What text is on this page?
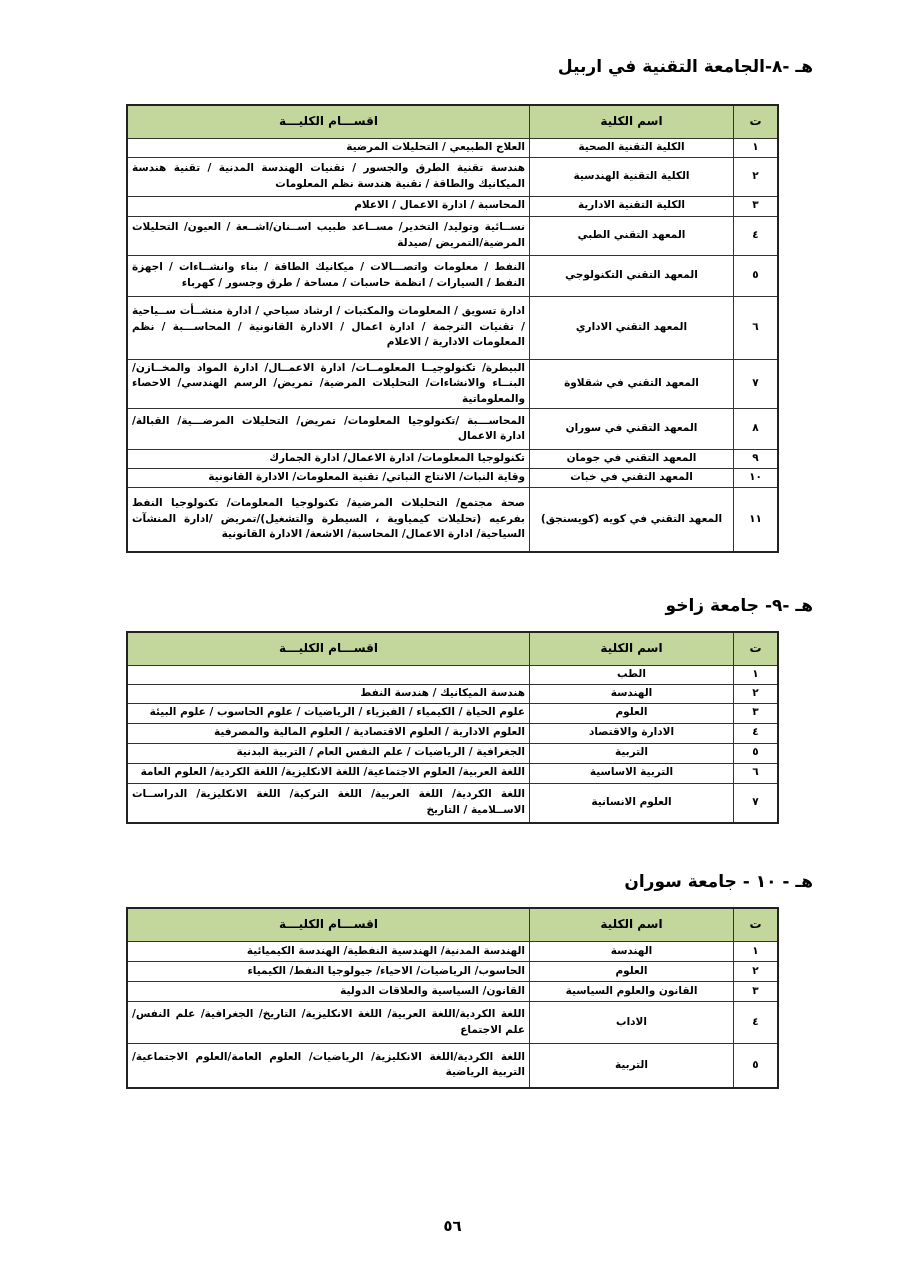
هـ -٨-الجامعة التقنية في اربيل
ت	اسم الكلية	اقســـام الكليـــة
١	الكلية التقنية الصحية	العلاج الطبيعي / التحليلات المرضية
٢	الكلية التقنية الهندسية	هندسة تقنية الطرق والجسور / تقنيات الهندسة المدنية / تقنية هندسة الميكانيك والطاقة / تقنية هندسة نظم المعلومات
٣	الكلية التقنية الادارية	المحاسبة / ادارة الاعمال / الاعلام
٤	المعهد التقني الطبي	نســائية وتوليد/ التخدير/ مســاعد طبيب اســنان/اشــعة / العيون/ التحليلات المرضية/التمريض /صيدلة
٥	المعهد التقني التكنولوجي	النفط / معلومات واتصـــالات / ميكانيك الطاقة / بناء وانشــاءات / اجهزة النفط / السيارات / انظمة حاسبات / مساحة / طرق وجسور / كهرباء
٦	المعهد التقني الاداري	ادارة تسويق / المعلومات والمكتبات / ارشاد سياحي / ادارة منشــأت ســياحية / تقنيات الترجمة / ادارة اعمال / الادارة القانونية / المحاســـبة / نظم المعلومات الادارية / الاعلام
٧	المعهد التقني في شقلاوة	البيطرة/ تكنولوجيــا المعلومــات/ ادارة الاعمــال/ ادارة المواد والمخــازن/ البنــاء والانشاءات/ التحليلات المرضية/ تمريض/ الرسم الهندسي/ الاحصاء والمعلوماتية
٨	المعهد التقني في سوران	المحاســـبة /تكنولوجيا المعلومات/ تمريض/ التحليلات المرضـــية/ القبالة/ ادارة الاعمال
٩	المعهد التقني في جومان	تكنولوجيا المعلومات/ ادارة الاعمال/ ادارة الجمارك
١٠	المعهد التقني في خبات	وقاية النبات/ الانتاج النباتي/ تقنية المعلومات/ الادارة القانونية
١١	المعهد التقني في كويه (كويسنجق)	صحة مجتمع/ التحليلات المرضية/ تكنولوجيا المعلومات/ تكنولوجيا النفط بفرعيه (تحليلات كيمياوية ، السيطرة والتشغيل)/تمريض /ادارة المنشآت السياحية/ ادارة الاعمال/ المحاسبة/ الاشعة/ الادارة القانونية
هـ -٩- جامعة زاخو
ت	اسم الكلية	اقســـام الكليـــة
١	الطب	
٢	الهندسة	هندسة الميكانيك / هندسة النفط
٣	العلوم	علوم الحياة / الكيمياء / الفيزياء / الرياضيات / علوم الحاسوب / علوم البيئة
٤	الادارة والاقتصاد	العلوم الادارية / العلوم الاقتصادية / العلوم المالية والمصرفية
٥	التربية	الجغرافية / الرياضيات / علم النفس العام / التربية البدنية
٦	التربية الاساسية	اللغة العربية/ العلوم الاجتماعية/ اللغة الانكليزية/ اللغة الكردية/ العلوم العامة
٧	العلوم الانسانية	اللغة الكردية/ اللغة العربية/ اللغة التركية/ اللغة الانكليزية/ الدراســات الاســلامية / التاريخ
هـ - ١٠ - جامعة سوران
ت	اسم الكلية	اقســـام الكليـــة
١	الهندسة	الهندسة المدنية/ الهندسية النفطية/ الهندسة الكيميائية
٢	العلوم	الحاسوب/ الرياضيات/ الاحياء/ جيولوجيا النفط/ الكيمياء
٣	القانون والعلوم السياسية	القانون/ السياسية والعلاقات الدولية
٤	الاداب	اللغة الكردية/اللغة العربية/ اللغة الانكليزية/ التاريخ/ الجغرافية/ علم النفس/ علم الاجتماع
٥	التربية	اللغة الكردية/اللغة الانكليزية/ الرياضيات/ العلوم العامة/العلوم الاجتماعية/ التربية الرياضية
٥٦
